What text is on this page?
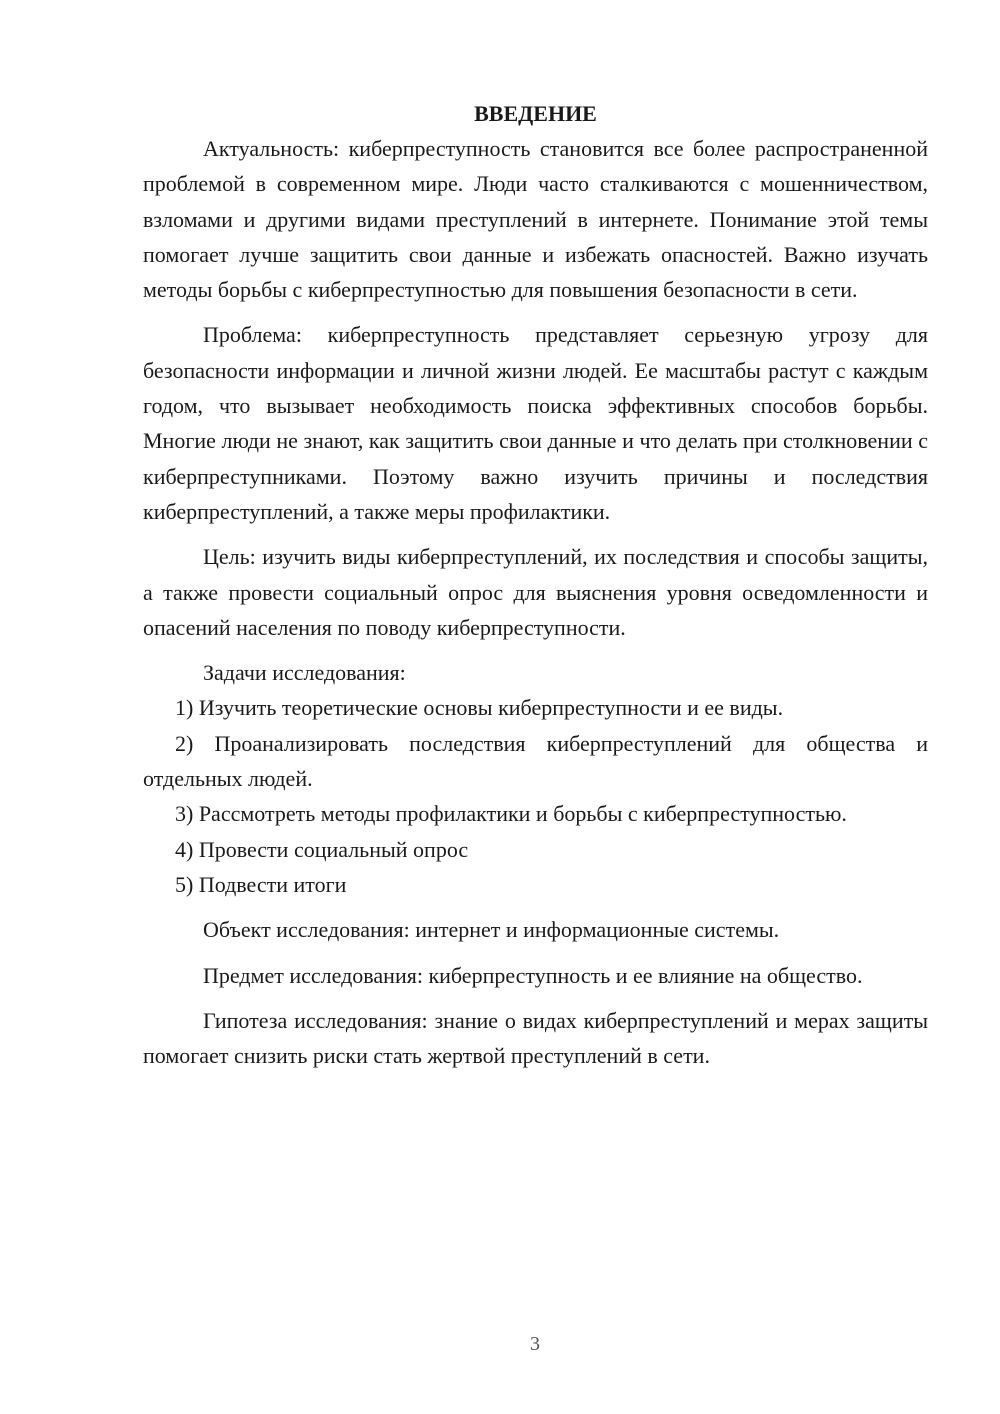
ВВЕДЕНИЕ

Актуальность: киберпреступность становится все более распространенной проблемой в современном мире. Люди часто сталкиваются с мошенничеством, взломами и другими видами преступлений в интернете. Понимание этой темы помогает лучше защитить свои данные и избежать опасностей. Важно изучать методы борьбы с киберпреступностью для повышения безопасности в сети.

Проблема: киберпреступность представляет серьезную угрозу для безопасности информации и личной жизни людей. Ее масштабы растут с каждым годом, что вызывает необходимость поиска эффективных способов борьбы. Многие люди не знают, как защитить свои данные и что делать при столкновении с киберпреступниками. Поэтому важно изучить причины и последствия киберпреступлений, а также меры профилактики.

Цель: изучить виды киберпреступлений, их последствия и способы защиты, а также провести социальный опрос для выяснения уровня осведомленности и опасений населения по поводу киберпреступности.

Задачи исследования:

1) Изучить теоретические основы киберпреступности и ее виды.

2) Проанализировать последствия киберпреступлений для общества и отдельных людей.

3) Рассмотреть методы профилактики и борьбы с киберпреступностью.

4) Провести социальный опрос

5) Подвести итоги

Объект исследования: интернет и информационные системы.

Предмет исследования: киберпреступность и ее влияние на общество.

Гипотеза исследования: знание о видах киберпреступлений и мерах защиты помогает снизить риски стать жертвой преступлений в сети.

3
